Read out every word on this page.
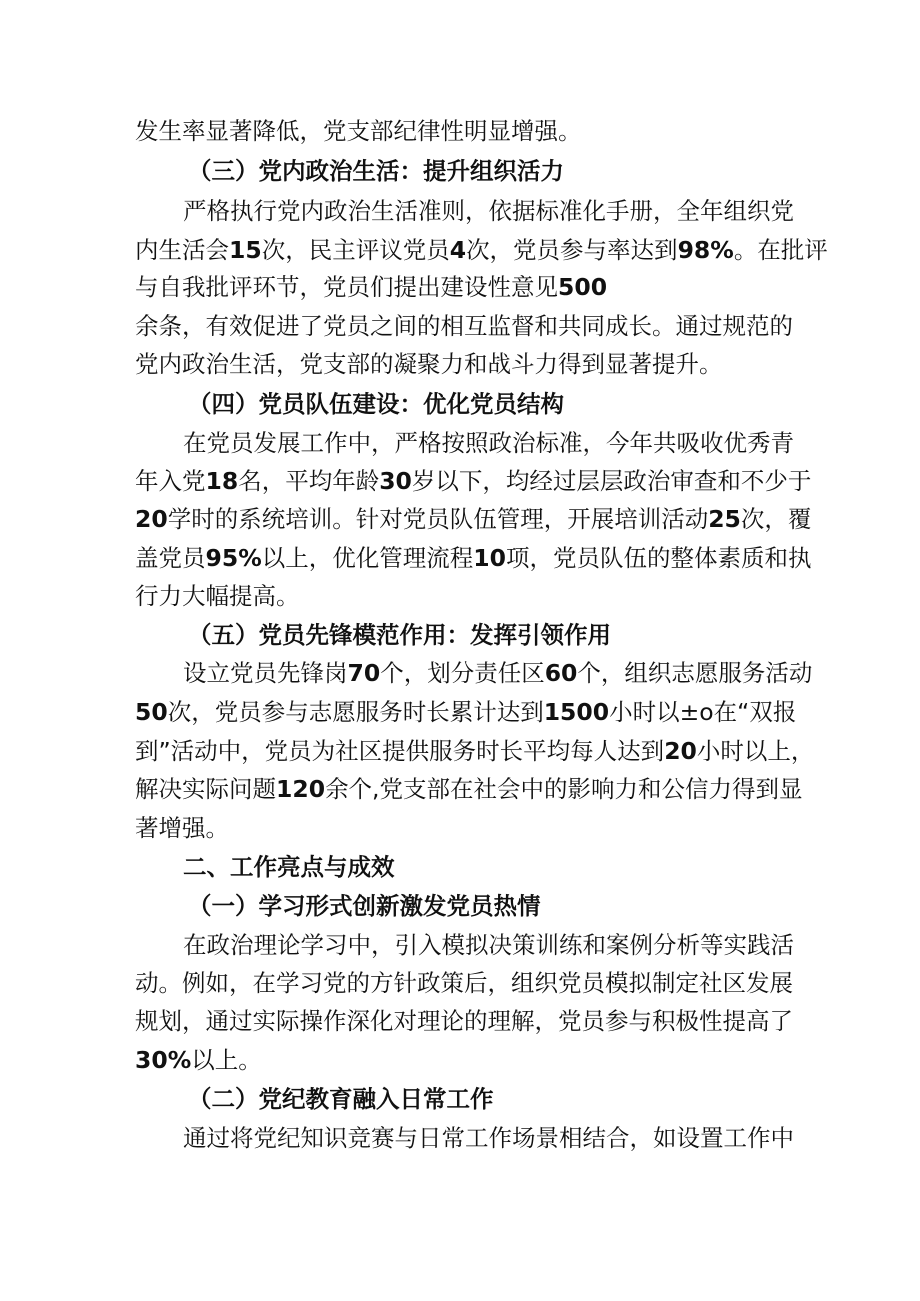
发生率显著降低，党支部纪律性明显增强。
（三）党内政治生活：提升组织活力
严格执行党内政治生活准则，依据标准化手册，全年组织党
内生活会15次，民主评议党员4次，党员参与率达到98%。在批评
与自我批评环节，党员们提出建设性意见500
余条，有效促进了党员之间的相互监督和共同成长。通过规范的
党内政治生活，党支部的凝聚力和战斗力得到显著提升。
（四）党员队伍建设：优化党员结构
在党员发展工作中，严格按照政治标准，今年共吸收优秀青
年入党18名，平均年龄30岁以下，均经过层层政治审查和不少于
20学时的系统培训。针对党员队伍管理，开展培训活动25次，覆
盖党员95%以上，优化管理流程10项，党员队伍的整体素质和执
行力大幅提高。
（五）党员先锋模范作用：发挥引领作用
设立党员先锋岗70个，划分责任区60个，组织志愿服务活动
50次，党员参与志愿服务时长累计达到1500小时以±o在“双报
到”活动中，党员为社区提供服务时长平均每人达到20小时以上，
解决实际问题120余个,党支部在社会中的影响力和公信力得到显
著增强。
二、工作亮点与成效
（一）学习形式创新激发党员热情
在政治理论学习中，引入模拟决策训练和案例分析等实践活
动。例如，在学习党的方针政策后，组织党员模拟制定社区发展
规划，通过实际操作深化对理论的理解，党员参与积极性提高了
30%以上。
（二）党纪教育融入日常工作
通过将党纪知识竞赛与日常工作场景相结合，如设置工作中
